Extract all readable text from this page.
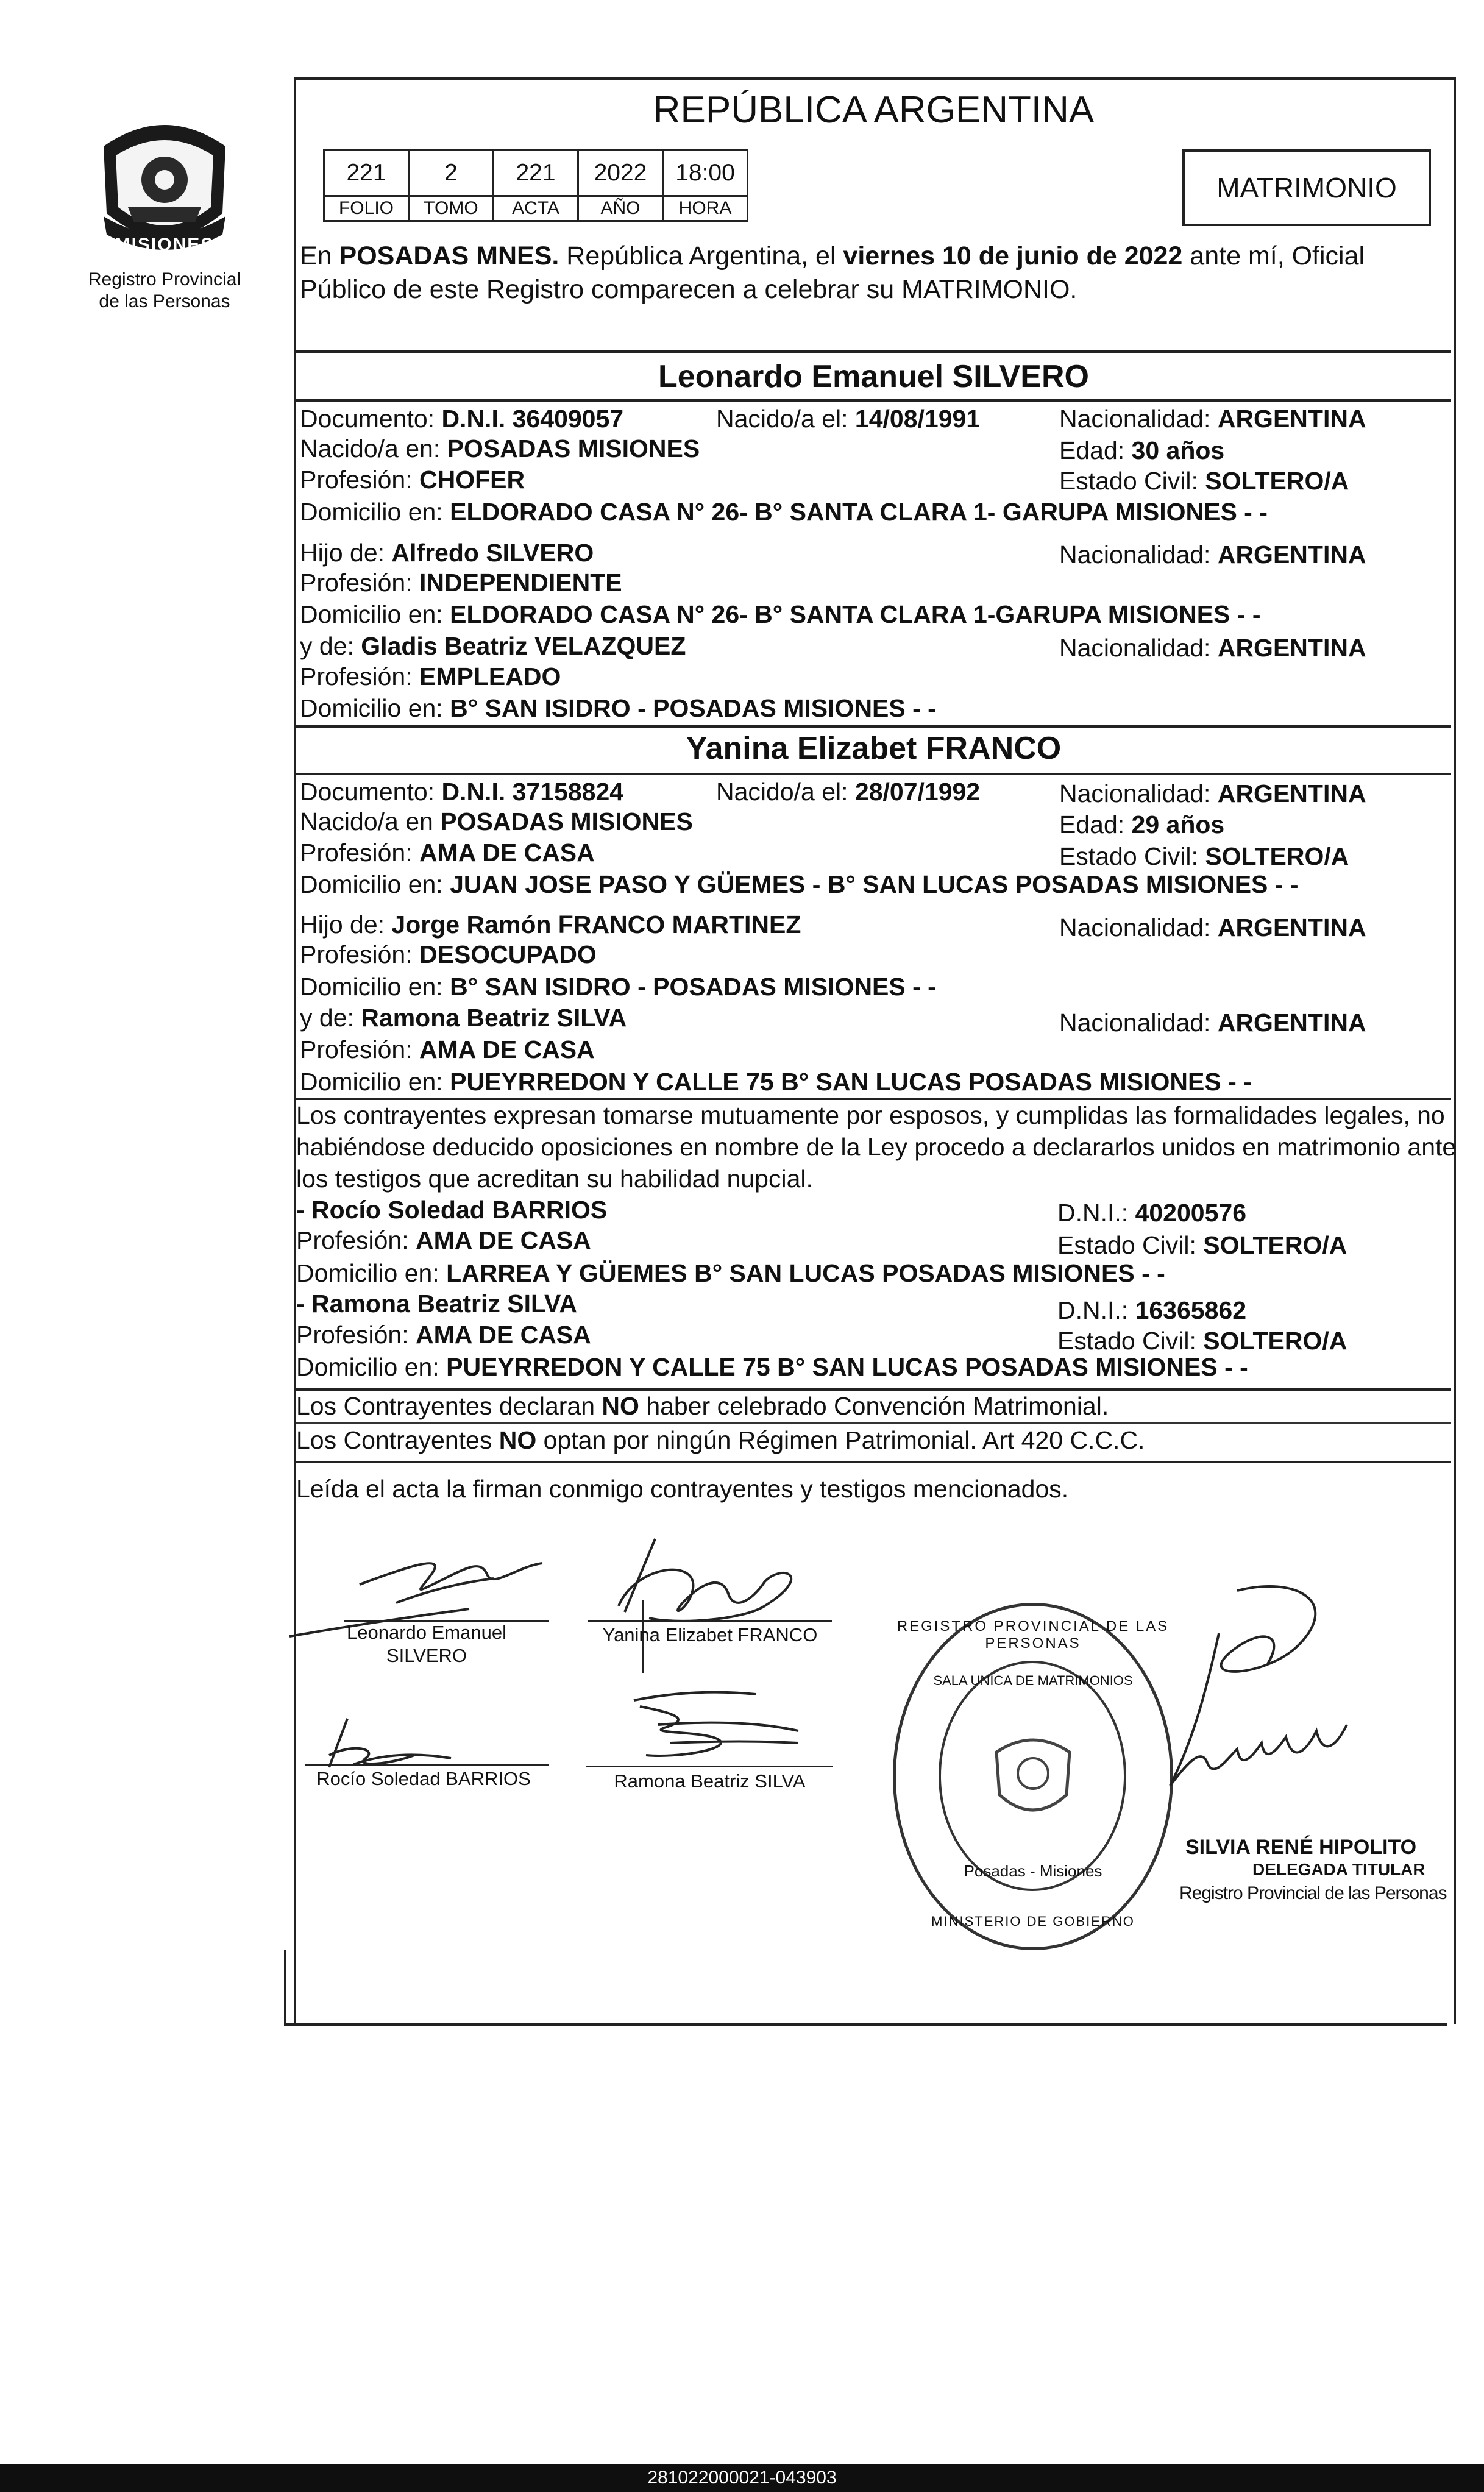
PROVINCIA DE
MISIONES
Registro Provincial
de las Personas
REPÚBLICA ARGENTINA
221	2	221	2022	18:00
FOLIO	TOMO	ACTA	AÑO	HORA
MATRIMONIO
En POSADAS MNES. República Argentina, el viernes 10 de junio de 2022 ante mí, Oficial
Público de este Registro comparecen a celebrar su MATRIMONIO.
Leonardo Emanuel SILVERO
Documento: D.N.I. 36409057	Nacido/a el: 14/08/1991	Nacionalidad: ARGENTINA
Nacido/a en: POSADAS MISIONES	Edad: 30 años
Profesión: CHOFER	Estado Civil: SOLTERO/A
Domicilio en: ELDORADO CASA N° 26- B° SANTA CLARA 1- GARUPA MISIONES - -
Hijo de: Alfredo SILVERO	Nacionalidad: ARGENTINA
Profesión: INDEPENDIENTE
Domicilio en: ELDORADO CASA N° 26- B° SANTA CLARA 1-GARUPA MISIONES - -
y de: Gladis Beatriz VELAZQUEZ	Nacionalidad: ARGENTINA
Profesión: EMPLEADO
Domicilio en: B° SAN ISIDRO - POSADAS MISIONES - -
Yanina Elizabet FRANCO
Documento: D.N.I. 37158824	Nacido/a el: 28/07/1992	Nacionalidad: ARGENTINA
Nacido/a en POSADAS MISIONES	Edad: 29 años
Profesión: AMA DE CASA	Estado Civil: SOLTERO/A
Domicilio en: JUAN JOSE PASO Y GÜEMES - B° SAN LUCAS POSADAS MISIONES - -
Hijo de: Jorge Ramón FRANCO MARTINEZ	Nacionalidad: ARGENTINA
Profesión: DESOCUPADO
Domicilio en: B° SAN ISIDRO - POSADAS MISIONES - -
y de: Ramona Beatriz SILVA	Nacionalidad: ARGENTINA
Profesión: AMA DE CASA
Domicilio en: PUEYRREDON Y CALLE 75 B° SAN LUCAS POSADAS MISIONES - -
Los contrayentes expresan tomarse mutuamente por esposos, y cumplidas las formalidades legales, no
habiéndose deducido oposiciones en nombre de la Ley procedo a declararlos unidos en matrimonio ante
los testigos que acreditan su habilidad nupcial.
- Rocío Soledad BARRIOS	D.N.I.: 40200576
Profesión: AMA DE CASA	Estado Civil: SOLTERO/A
Domicilio en: LARREA Y GÜEMES B° SAN LUCAS POSADAS MISIONES - -
- Ramona Beatriz SILVA	D.N.I.: 16365862
Profesión: AMA DE CASA	Estado Civil: SOLTERO/A
Domicilio en: PUEYRREDON Y CALLE 75 B° SAN LUCAS POSADAS MISIONES - -
Los Contrayentes declaran NO haber celebrado Convención Matrimonial.
Los Contrayentes NO optan por ningún Régimen Patrimonial. Art 420 C.C.C.
Leída el acta la firman conmigo contrayentes y testigos mencionados.
Leonardo Emanuel
SILVERO
Yanina Elizabet FRANCO
Rocío Soledad BARRIOS	Ramona Beatriz SILVA
REGISTRO PROVINCIAL DE LAS PERSONAS
SALA UNICA DE MATRIMONIOS
Posadas - Misiones
MINISTERIO DE GOBIERNO
SILVIA RENÉ HIPOLITO
DELEGADA TITULAR
Registro Provincial de las Personas
281022000021-043903
